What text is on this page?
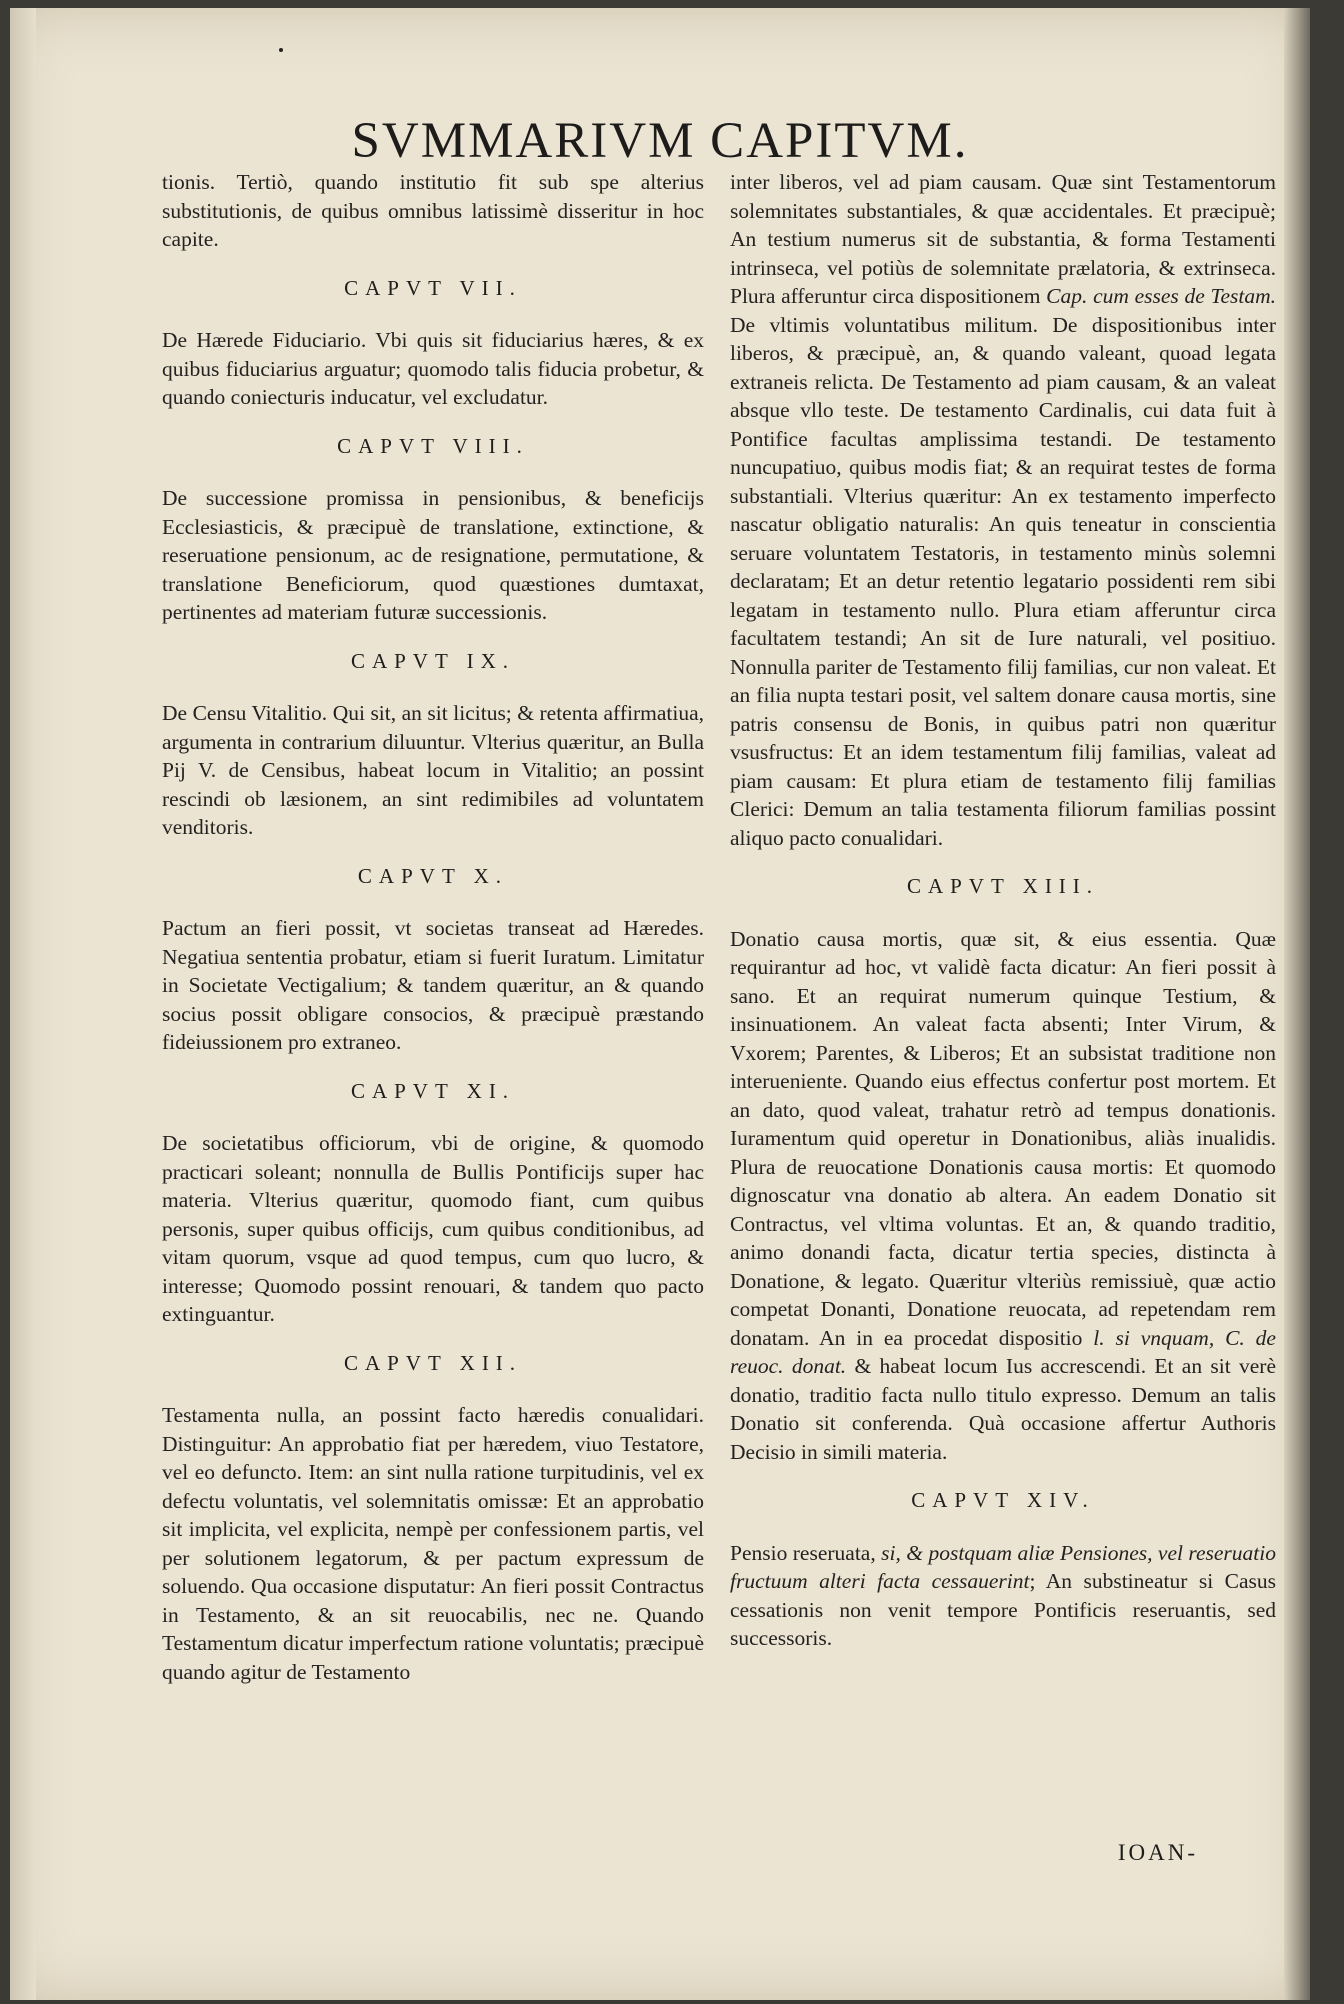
SVMMARIVM CAPITVM.

tionis. Tertiò, quando institutio fit sub spe alterius substitutionis, de quibus omnibus latissimè disseritur in hoc capite.

CAPVT VII.

De Hærede Fiduciario. Vbi quis sit fiduciarius hæres, & ex quibus fiduciarius arguatur; quomodo talis fiducia probetur, & quando coniecturis inducatur, vel excludatur.

CAPVT VIII.

De successione promissa in pensionibus, & beneficijs Ecclesiasticis, & præcipuè de translatione, extinctione, & reseruatione pensionum, ac de resignatione, permutatione, & translatione Beneficiorum, quod quæstiones dumtaxat, pertinentes ad materiam futuræ successionis.

CAPVT IX.

De Censu Vitalitio. Qui sit, an sit licitus; & retenta affirmatiua, argumenta in contrarium diluuntur. Vlterius quæritur, an Bulla Pij V. de Censibus, habeat locum in Vitalitio; an possint rescindi ob læsionem, an sint redimibiles ad voluntatem venditoris.

CAPVT X.

Pactum an fieri possit, vt societas transeat ad Hæredes. Negatiua sententia probatur, etiam si fuerit Iuratum. Limitatur in Societate Vectigalium; & tandem quæritur, an & quando socius possit obligare consocios, & præcipuè præstando fideiussionem pro extraneo.

CAPVT XI.

De societatibus officiorum, vbi de origine, & quomodo practicari soleant; nonnulla de Bullis Pontificijs super hac materia. Vlterius quæritur, quomodo fiant, cum quibus personis, super quibus officijs, cum quibus conditionibus, ad vitam quorum, vsque ad quod tempus, cum quo lucro, & interesse; Quomodo possint renouari, & tandem quo pacto extinguantur.

CAPVT XII.

Testamenta nulla, an possint facto hæredis conualidari. Distinguitur: An approbatio fiat per hæredem, viuo Testatore, vel eo defuncto. Item: an sint nulla ratione turpitudinis, vel ex defectu voluntatis, vel solemnitatis omissæ: Et an approbatio sit implicita, vel explicita, nempè per confessionem partis, vel per solutionem legatorum, & per pactum expressum de soluendo. Qua occasione disputatur: An fieri possit Contractus in Testamento, & an sit reuocabilis, nec ne. Quando Testamentum dicatur imperfectum ratione voluntatis; præcipuè quando agitur de Testamento

inter liberos, vel ad piam causam. Quæ sint Testamentorum solemnitates substantiales, & quæ accidentales. Et præcipuè; An testium numerus sit de substantia, & forma Testamenti intrinseca, vel potiùs de solemnitate prælatoria, & extrinseca. Plura afferuntur circa dispositionem Cap. cum esses de Testam. De vltimis voluntatibus militum. De dispositionibus inter liberos, & præcipuè, an, & quando valeant, quoad legata extraneis relicta. De Testamento ad piam causam, & an valeat absque vllo teste. De testamento Cardinalis, cui data fuit à Pontifice facultas amplissima testandi. De testamento nuncupatiuo, quibus modis fiat; & an requirat testes de forma substantiali. Vlterius quæritur: An ex testamento imperfecto nascatur obligatio naturalis: An quis teneatur in conscientia seruare voluntatem Testatoris, in testamento minùs solemni declaratam; Et an detur retentio legatario possidenti rem sibi legatam in testamento nullo. Plura etiam afferuntur circa facultatem testandi; An sit de Iure naturali, vel positiuo. Nonnulla pariter de Testamento filij familias, cur non valeat. Et an filia nupta testari posit, vel saltem donare causa mortis, sine patris consensu de Bonis, in quibus patri non quæritur vsusfructus: Et an idem testamentum filij familias, valeat ad piam causam: Et plura etiam de testamento filij familias Clerici: Demum an talia testamenta filiorum familias possint aliquo pacto conualidari.

CAPVT XIII.

Donatio causa mortis, quæ sit, & eius essentia. Quæ requirantur ad hoc, vt validè facta dicatur: An fieri possit à sano. Et an requirat numerum quinque Testium, & insinuationem. An valeat facta absenti; Inter Virum, & Vxorem; Parentes, & Liberos; Et an subsistat traditione non interueniente. Quando eius effectus confertur post mortem. Et an dato, quod valeat, trahatur retrò ad tempus donationis. Iuramentum quid operetur in Donationibus, aliàs inualidis. Plura de reuocatione Donationis causa mortis: Et quomodo dignoscatur vna donatio ab altera. An eadem Donatio sit Contractus, vel vltima voluntas. Et an, & quando traditio, animo donandi facta, dicatur tertia species, distincta à Donatione, & legato. Quæritur vlteriùs remissiuè, quæ actio competat Donanti, Donatione reuocata, ad repetendam rem donatam. An in ea procedat dispositio l. si vnquam, C. de reuoc. donat. & habeat locum Ius accrescendi. Et an sit verè donatio, traditio facta nullo titulo expresso. Demum an talis Donatio sit conferenda. Quà occasione affertur Authoris Decisio in simili materia.

CAPVT XIV.

Pensio reseruata, si, & postquam aliæ Pensiones, vel reseruatio fructuum alteri facta cessauerint; An substineatur si Casus cessationis non venit tempore Pontificis reseruantis, sed successoris.

IOAN-
